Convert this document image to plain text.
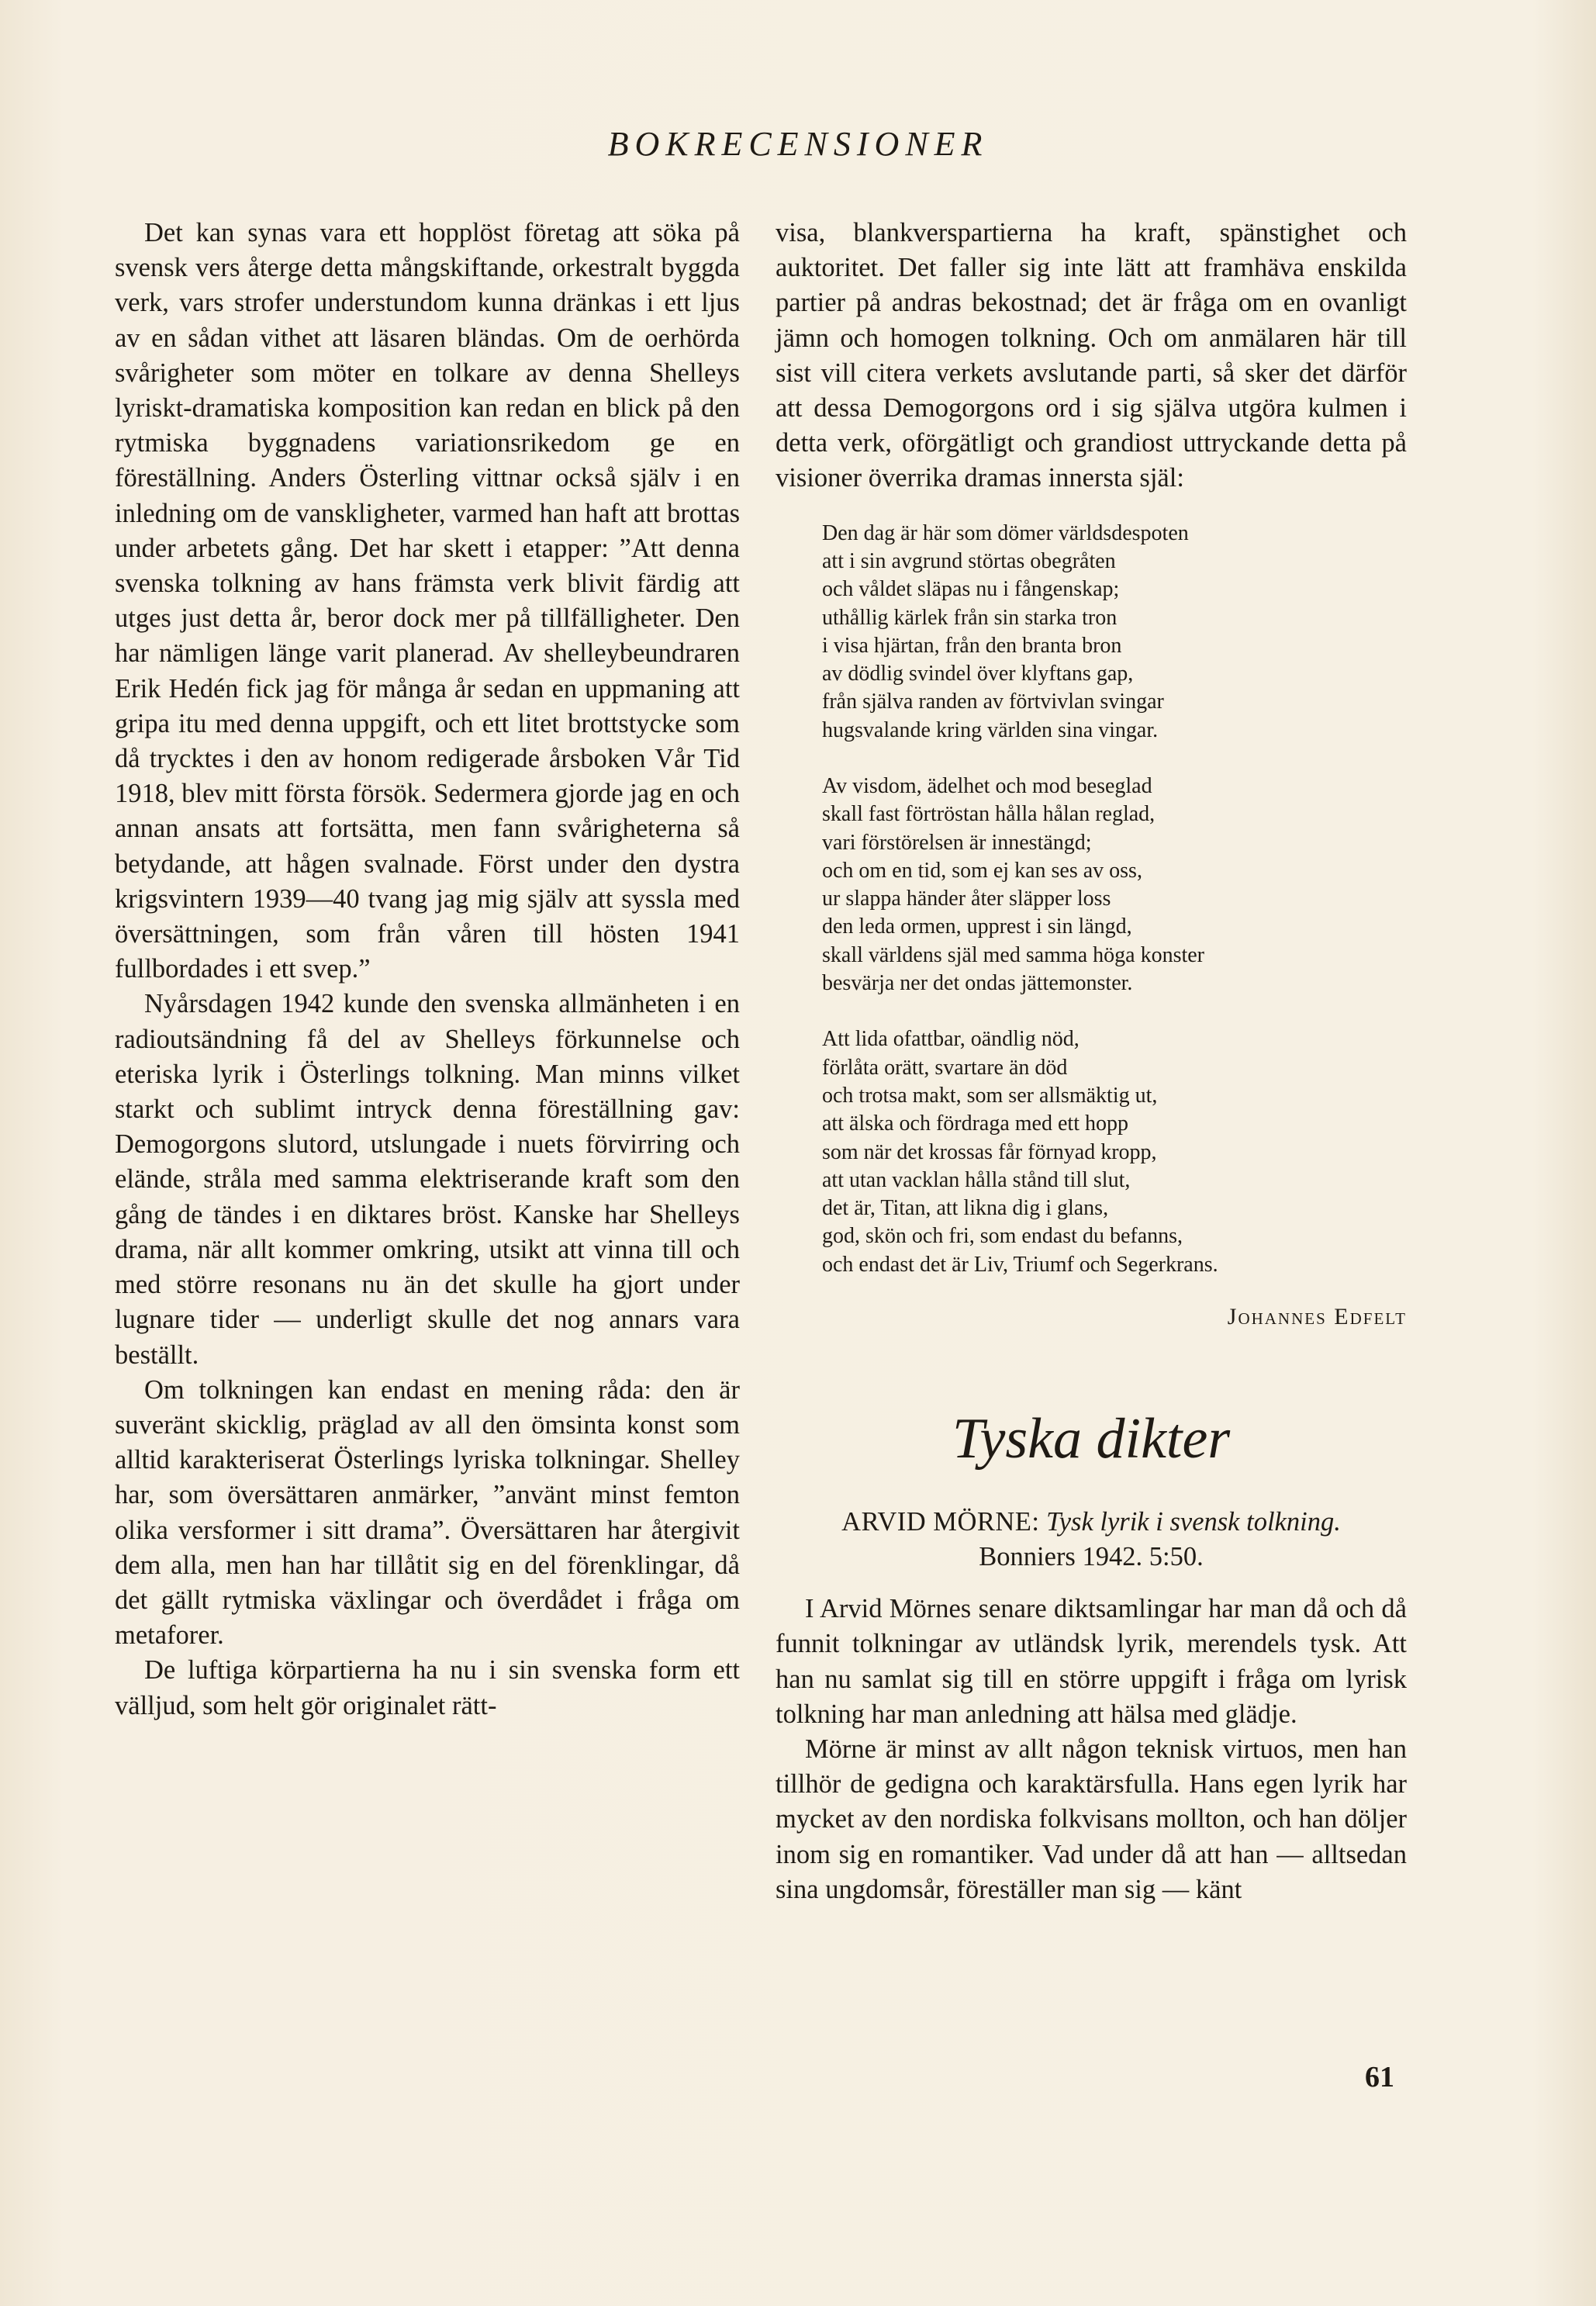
BOKRECENSIONER

Det kan synas vara ett hopplöst företag att söka på svensk vers återge detta mångskiftande, orkestralt byggda verk, vars strofer understundom kunna dränkas i ett ljus av en sådan vithet att läsaren bländas. Om de oerhörda svårigheter som möter en tolkare av denna Shelleys lyriskt-dramatiska komposition kan redan en blick på den rytmiska byggnadens variationsrikedom ge en föreställning. Anders Österling vittnar också själv i en inledning om de vanskligheter, varmed han haft att brottas under arbetets gång. Det har skett i etapper: ”Att denna svenska tolkning av hans främsta verk blivit färdig att utges just detta år, beror dock mer på tillfälligheter. Den har nämligen länge varit planerad. Av shelleybeundraren Erik Hedén fick jag för många år sedan en uppmaning att gripa itu med denna uppgift, och ett litet brottstycke som då trycktes i den av honom redigerade årsboken Vår Tid 1918, blev mitt första försök. Sedermera gjorde jag en och annan ansats att fortsätta, men fann svårigheterna så betydande, att hågen svalnade. Först under den dystra krigsvintern 1939—40 tvang jag mig själv att syssla med översättningen, som från våren till hösten 1941 fullbordades i ett svep.”

Nyårsdagen 1942 kunde den svenska allmänheten i en radioutsändning få del av Shelleys förkunnelse och eteriska lyrik i Österlings tolkning. Man minns vilket starkt och sublimt intryck denna föreställning gav: Demogorgons slutord, utslungade i nuets förvirring och elände, stråla med samma elektriserande kraft som den gång de tändes i en diktares bröst. Kanske har Shelleys drama, när allt kommer omkring, utsikt att vinna till och med större resonans nu än det skulle ha gjort under lugnare tider — underligt skulle det nog annars vara beställt.

Om tolkningen kan endast en mening råda: den är suveränt skicklig, präglad av all den ömsinta konst som alltid karakteriserat Österlings lyriska tolkningar. Shelley har, som översättaren anmärker, ”använt minst femton olika versformer i sitt drama”. Översättaren har återgivit dem alla, men han har tillåtit sig en del förenklingar, då det gällt rytmiska växlingar och överdådet i fråga om metaforer.

De luftiga körpartierna ha nu i sin svenska form ett välljud, som helt gör originalet rätt-

visa, blankverspartierna ha kraft, spänstighet och auktoritet. Det faller sig inte lätt att framhäva enskilda partier på andras bekostnad; det är fråga om en ovanligt jämn och homogen tolkning. Och om anmälaren här till sist vill citera verkets avslutande parti, så sker det därför att dessa Demogorgons ord i sig själva utgöra kulmen i detta verk, oförgätligt och grandiost uttryckande detta på visioner överrika dramas innersta själ:

Den dag är här som dömer världsdespoten
att i sin avgrund störtas obegråten
och våldet släpas nu i fångenskap;
uthållig kärlek från sin starka tron
i visa hjärtan, från den branta bron
av dödlig svindel över klyftans gap,
från själva randen av förtvivlan svingar
hugsvalande kring världen sina vingar.
Av visdom, ädelhet och mod beseglad
skall fast förtröstan hålla hålan reglad,
vari förstörelsen är innestängd;
och om en tid, som ej kan ses av oss,
ur slappa händer åter släpper loss
den leda ormen, upprest i sin längd,
skall världens själ med samma höga konster
besvärja ner det ondas jättemonster.
Att lida ofattbar, oändlig nöd,
förlåta orätt, svartare än död
och trotsa makt, som ser allsmäktig ut,
att älska och fördraga med ett hopp
som när det krossas får förnyad kropp,
att utan vacklan hålla stånd till slut,
det är, Titan, att likna dig i glans,
god, skön och fri, som endast du befanns,
och endast det är Liv, Triumf och Segerkrans.
Johannes Edfelt
Tyska dikter
ARVID MÖRNE: Tysk lyrik i svensk tolkning.
Bonniers 1942. 5:50.

I Arvid Mörnes senare diktsamlingar har man då och då funnit tolkningar av utländsk lyrik, merendels tysk. Att han nu samlat sig till en större uppgift i fråga om lyrisk tolkning har man anledning att hälsa med glädje.

Mörne är minst av allt någon teknisk virtuos, men han tillhör de gedigna och karaktärsfulla. Hans egen lyrik har mycket av den nordiska folkvisans mollton, och han döljer inom sig en romantiker. Vad under då att han — alltsedan sina ungdomsår, föreställer man sig — känt

61
